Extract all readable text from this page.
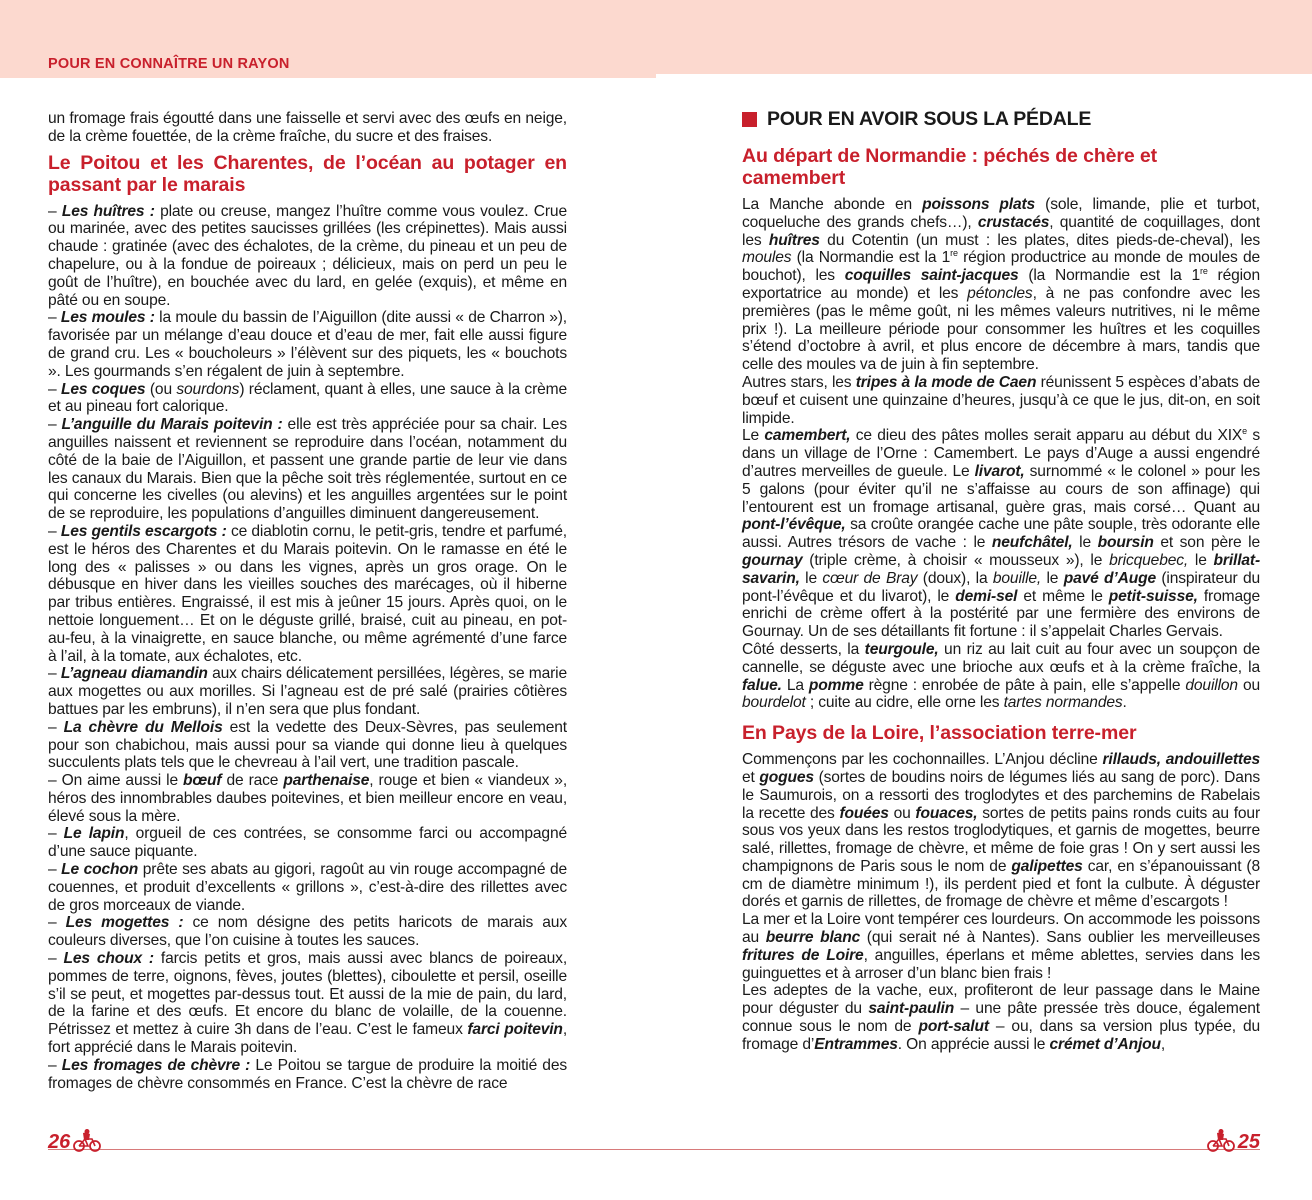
POUR EN CONNAÎTRE UN RAYON

un fromage frais égoutté dans une faisselle et servi avec des œufs en neige, de la crème fouettée, de la crème fraîche, du sucre et des fraises.

Le Poitou et les Charentes, de l’océan au potager en passant par le marais

– Les huîtres : plate ou creuse, mangez l’huître comme vous voulez. Crue ou marinée, avec des petites saucisses grillées (les crépinettes). Mais aussi chaude : gratinée (avec des échalotes, de la crème, du pineau et un peu de chapelure, ou à la fondue de poireaux ; délicieux, mais on perd un peu le goût de l’huître), en bouchée avec du lard, en gelée (exquis), et même en pâté ou en soupe.

– Les moules : la moule du bassin de l’Aiguillon (dite aussi « de Charron »), favorisée par un mélange d’eau douce et d’eau de mer, fait elle aussi figure de grand cru. Les « boucholeurs » l’élèvent sur des piquets, les « bouchots ». Les gourmands s’en régalent de juin à septembre.

– Les coques (ou sourdons) réclament, quant à elles, une sauce à la crème et au pineau fort calorique.

– L’anguille du Marais poitevin : elle est très appréciée pour sa chair. Les anguilles naissent et reviennent se reproduire dans l’océan, notamment du côté de la baie de l’Aiguillon, et passent une grande partie de leur vie dans les canaux du Marais. Bien que la pêche soit très réglementée, surtout en ce qui concerne les civelles (ou alevins) et les anguilles argentées sur le point de se reproduire, les populations d’anguilles diminuent dangereusement.

– Les gentils escargots : ce diablotin cornu, le petit-gris, tendre et parfumé, est le héros des Charentes et du Marais poitevin. On le ramasse en été le long des « palisses » ou dans les vignes, après un gros orage. On le débusque en hiver dans les vieilles souches des marécages, où il hiberne par tribus entières. Engraissé, il est mis à jeûner 15 jours. Après quoi, on le nettoie longuement… Et on le déguste grillé, braisé, cuit au pineau, en pot-au-feu, à la vinaigrette, en sauce blanche, ou même agrémenté d’une farce à l’ail, à la tomate, aux échalotes, etc.

– L’agneau diamandin aux chairs délicatement persillées, légères, se marie aux mogettes ou aux morilles. Si l’agneau est de pré salé (prairies côtières battues par les embruns), il n’en sera que plus fondant.

– La chèvre du Mellois est la vedette des Deux-Sèvres, pas seulement pour son chabichou, mais aussi pour sa viande qui donne lieu à quelques succulents plats tels que le chevreau à l’ail vert, une tradition pascale.

– On aime aussi le bœuf de race parthenaise, rouge et bien « viandeux », héros des innombrables daubes poitevines, et bien meilleur encore en veau, élevé sous la mère.

– Le lapin, orgueil de ces contrées, se consomme farci ou accompagné d’une sauce piquante.

– Le cochon prête ses abats au gigori, ragoût au vin rouge accompagné de couennes, et produit d’excellents « grillons », c’est-à-dire des rillettes avec de gros morceaux de viande.

– Les mogettes : ce nom désigne des petits haricots de marais aux couleurs diverses, que l’on cuisine à toutes les sauces.

– Les choux : farcis petits et gros, mais aussi avec blancs de poireaux, pommes de terre, oignons, fèves, joutes (blettes), ciboulette et persil, oseille s’il se peut, et mogettes par-dessus tout. Et aussi de la mie de pain, du lard, de la farine et des œufs. Et encore du blanc de volaille, de la couenne. Pétrissez et mettez à cuire 3h dans de l’eau. C’est le fameux farci poitevin, fort apprécié dans le Marais poitevin.

– Les fromages de chèvre : Le Poitou se targue de produire la moitié des fromages de chèvre consommés en France. C’est la chèvre de race

POUR EN AVOIR SOUS LA PÉDALE
Au départ de Normandie : péchés de chère et camembert

La Manche abonde en poissons plats (sole, limande, plie et turbot, coqueluche des grands chefs…), crustacés, quantité de coquillages, dont les huîtres du Cotentin (un must : les plates, dites pieds-de-cheval), les moules (la Normandie est la 1re région productrice au monde de moules de bouchot), les coquilles saint-jacques (la Normandie est la 1re région exportatrice au monde) et les pétoncles, à ne pas confondre avec les premières (pas le même goût, ni les mêmes valeurs nutritives, ni le même prix !). La meilleure période pour consommer les huîtres et les coquilles s’étend d’octobre à avril, et plus encore de décembre à mars, tandis que celle des moules va de juin à fin septembre.

Autres stars, les tripes à la mode de Caen réunissent 5 espèces d’abats de bœuf et cuisent une quinzaine d’heures, jusqu’à ce que le jus, dit-on, en soit limpide.

Le camembert, ce dieu des pâtes molles serait apparu au début du XIXe s dans un village de l’Orne : Camembert. Le pays d’Auge a aussi engendré d’autres merveilles de gueule. Le livarot, surnommé « le colonel » pour les 5 galons (pour éviter qu’il ne s’affaisse au cours de son affinage) qui l’entourent est un fromage artisanal, guère gras, mais corsé… Quant au pont-l’évêque, sa croûte orangée cache une pâte souple, très odorante elle aussi. Autres trésors de vache : le neufchâtel, le boursin et son père le gournay (triple crème, à choisir « mousseux »), le bricquebec, le brillat-savarin, le cœur de Bray (doux), la bouille, le pavé d’Auge (inspirateur du pont-l’évêque et du livarot), le demi-sel et même le petit-suisse, fromage enrichi de crème offert à la postérité par une fermière des environs de Gournay. Un de ses détaillants fit fortune : il s’appelait Charles Gervais.

Côté desserts, la teurgoule, un riz au lait cuit au four avec un soupçon de cannelle, se déguste avec une brioche aux œufs et à la crème fraîche, la falue. La pomme règne : enrobée de pâte à pain, elle s’appelle douillon ou bourdelot ; cuite au cidre, elle orne les tartes normandes.

En Pays de la Loire, l’association terre-mer

Commençons par les cochonnailles. L’Anjou décline rillauds, andouillettes et gogues (sortes de boudins noirs de légumes liés au sang de porc). Dans le Saumurois, on a ressorti des troglodytes et des parchemins de Rabelais la recette des fouées ou fouaces, sortes de petits pains ronds cuits au four sous vos yeux dans les restos troglodytiques, et garnis de mogettes, beurre salé, rillettes, fromage de chèvre, et même de foie gras ! On y sert aussi les champignons de Paris sous le nom de galipettes car, en s’épanouissant (8 cm de diamètre minimum !), ils perdent pied et font la culbute. À déguster dorés et garnis de rillettes, de fromage de chèvre et même d’escargots !

La mer et la Loire vont tempérer ces lourdeurs. On accommode les poissons au beurre blanc (qui serait né à Nantes). Sans oublier les merveilleuses fritures de Loire, anguilles, éperlans et même ablettes, servies dans les guinguettes et à arroser d’un blanc bien frais !

Les adeptes de la vache, eux, profiteront de leur passage dans le Maine pour déguster du saint-paulin – une pâte pressée très douce, également connue sous le nom de port-salut – ou, dans sa version plus typée, du fromage d’Entrammes. On apprécie aussi le crémet d’Anjou,

26	25
